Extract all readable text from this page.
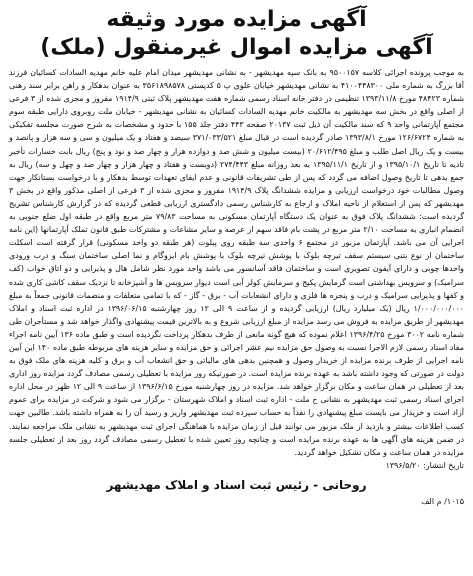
آگهی مزایده مورد وثیقه
آگهی مزایده اموال غیرمنقول (ملک)

به موجب پرونده اجرائی کلاسه ۹۵۰۰۱۵۷ به بانک سپه مهدیشهر - به نشانی مهدیشهر میدان امام علیه خانم مهدیه السادات کسائیان فرزند آقا بزرگ به شماره ملی ۴۱۰۰۴۴۸۳۰۰ به نشانی مهدیشهر خیابان علوی پ ۵ کدپستی ۳۵۶۱۸۹۸۵۷۸ به عنوان بدهکار و راهن برابر سند رهنی شماره ۴۸۴۲۳ مورخ ۱۳۹۳/۱۱/۸ تنظیمی در دفتر خانه اسناد رسمی شماره هفت مهدیشهر پلاک ثبتی ۱۹۱۴/۹ مفروز و مجزی شده از ۳ فرعی از اصلی واقع در بخش سه مهدیشهر به مالکیت خانم مهدیه السادات کسائیان به نشانی مهدیشهر - خیابان ملت روبروی دارایی طبقه سوم مجتمع آپارتمانی واحد ۹ که سند مالکیت آن ذیل ثبت ۲۰۱۳۷ صفحه ۴۴۳ دفتر جلد ۱۵۵ با حدود و مشخصات به شرح صورت مجلسه تفکیکی به شماره ۱۲۶/۶۷۲۴ مورخ ۱۳۹۳/۸/۱ صادر گردیده است در قبال مبلغ ۳۷۱/۰۳۳/۵۲۱ سیصد و هفتاد و یک میلیون و سی و سه هزار و پانصد و بیست و یک ریال اصل طلب و مبلغ ۲۰/۶۱۲/۴۹۵ (بیست میلیون و شش صد و دوازده هزار و چهار صد و نود و پنج) ریال بابت خسارات تأخیر تادیه تا تاریخ ۱۳۹۵/۱۰/۱ و از تاریخ ۱۳۹۵/۱۱/۱ به بعد روزانه مبلغ ۲۷۴/۴۴۳ (دویست و هفتاد و چهار هزار و چهار صد و چهل و سه) ریال به جمع بدهی تا تاریخ وصول اضافه می گردد که پس از طی تشریفات قانونی و عدم ایفای تعهدات توسط بدهکار و با درخواست بستانکار جهت وصول مطالبات خود درخواست ارزیابی و مزایده ششدانگ پلاک ۱۹۱۴/۹ مفروز و مجزی شده از ۳ فرعی از اصلی مذکور واقع در بخش ۳ مهدیشهر که پس از استعلام از ناحیه املاک و ارجاع به کارشناس رسمی دادگستری ارزیابی قطعی گردیده که در گزارش کارشناس تشریح گردیده است: ششدانگ پلاک فوق به عنوان یک دستگاه آپارتمان مسکونی به مساحت ۷۹/۸۳ متر مربع واقع در طبقه اول ضلع جنوبی به انضمام انباری به مساحت ۲/۱۰ متر مربع در پشت بام فاقد سهم از عرصه و سایر مشاعات و مشترکات طبق قانون تملک آپارتمانها (این نامه اجرایی آن می باشد. آپارتمان مزبور در مجتمع ۶ واحدی سه طبقه روی پیلوت (هر طبقه دو واحد مسکونی) قرار گرفته است اسکلت ساختمان از نوع بتنی سیستم سقف تیرچه بلوک با پوشش تیرچه بلوک با پوشش بام ایزوگام و نما اصلی ساختمان سنگ و درب ورودی واحدها چوبی و دارای آیفون تصویری است و ساختمان فاقد آسانسور می باشد واحد مورد نظر شامل هال و پذیرایی و دو اتاق خواب (کف سرامیک) و سرویس بهداشتی است گرمایش پکیج و سرمایش کولر آبی است دیوار سرویس ها و آشپزخانه تا نزدیک سقف کاشی کاری شده و کفها و پذیرایی سرامیک و درب و پنجره ها فلزی و دارای انشعابات آب - برق - گاز - که با تمامی متعلقات و منضمات قانونی جمعاً به مبلغ ۱/۰۰۰/۰۰۰/۰۰۰ ریال (یک میلیارد ریال) ارزیابی گردیده و از ساعت ۹ الی ۱۲ روز چهارشنبه ۱۳۹۶/۰۶/۱۵ در اداره ثبت اسناد و املاک مهدیشهر از طریق مزایده به فروش می رسد مزایده از مبلغ ارزیابی شروع و به بالاترین قیمت پیشنهادی واگذار خواهد شد و مستأجران طی شماره نامه ۳۰۰۲ مورخ ۱۳۹۶/۴/۲۵ اعلام نموده که هیچ گونه مانعی از طرف بدهکار پرداخت نگردیده است و طبق ماده ۱۳۶ آیین نامه اجراء مفاد اسناد رسمی لازم الاجرا نسبت به وصول حق مزایده نیم عشر اجرائی و حق مزایده و سایر هزینه های مربوطه طبق ماده ۱۴۰ این آیین نامه اجرایی از طرف برنده مزایده از خریدار وصول و همچنین بدهی های مالیاتی و حق انشعاب آب و برق و کلیه هزینه های ملک فوق به دولت در صورتی که وجود داشته باشد به عهده برنده مزایده است. در صورتیکه روز مزایده با تعطیلی رسمی مصادف گردد مزایده روز اداری بعد از تعطیلی در همان ساعت و مکان برگزار خواهد شد. مزایده در روز چهارشنبه مورخ ۱۳۹۶/۶/۱۵ از ساعت ۹ الی ۱۲ ظهر در محل اداره اجرای اسناد رسمی ثبت مهدیشهر به نشانی خ ملت - اداره ثبت اسناد و املاک شهرستان - برگزار می شود و شرکت در مزایده برای عموم آزاد است و خریدار می بایست مبلغ پیشنهادی را نقداً به حساب سپرده ثبت مهدیشهر واریز و رسید آن را به همراه داشته باشد. طالبین جهت کسب اطلاعات بیشتر و بازدید از ملک مزبور می توانند قبل از زمان مزایده با هماهنگی اجرای ثبت مهدیشهر به نشانی ملک مراجعه نمایند. در ضمن هزینه های آگهی ها به عهده برنده مزایده است و چنانچه روز تعیین شده با تعطیل رسمی مصادف گردد روز بعد از تعطیلی جلسه مزایده در همان ساعت و مکان تشکیل خواهد گردید.

تاریخ انتشار: ۱۳۹۶/۵/۲۰

روحانی - رئیس ثبت اسناد و املاک مهدیشهر
۱۰۱۵/ م الف
